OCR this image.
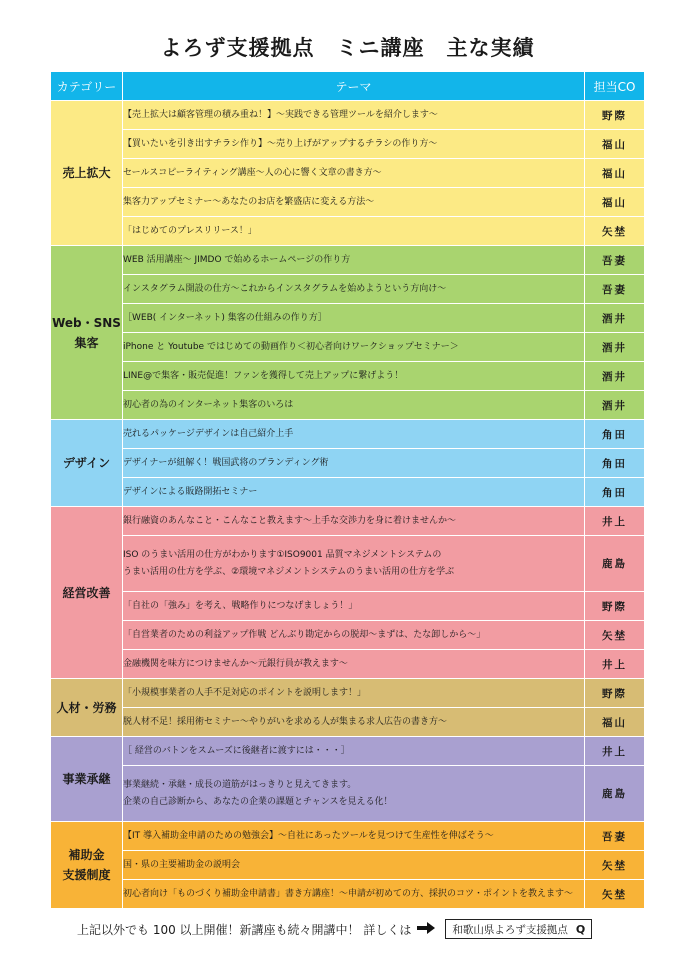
よろず支援拠点　ミニ講座　主な実績
カテゴリー	テーマ	担当CO
売上拡大	【売上拡大は顧客管理の積み重ね！】～実践できる管理ツールを紹介します～	野際
	【買いたいを引き出すチラシ作り】～売り上げがアップするチラシの作り方～	福山
	セールスコピーライティング講座～人の心に響く文章の書き方～	福山
	集客力アップセミナー～あなたのお店を繁盛店に変える方法～	福山
	「はじめてのプレスリリース！」	矢埜
Web・SNS
集客	WEB 活用講座～ JIMDO で始めるホームページの作り方	吾妻
	インスタグラム開設の仕方～これからインスタグラムを始めようという方向け～	吾妻
	［WEB( インターネット) 集客の仕組みの作り方］	酒井
	iPhone と Youtube ではじめての動画作り＜初心者向けワークショップセミナー＞	酒井
	LINE@で集客・販売促進！ファンを獲得して売上アップに繋げよう！	酒井
	初心者の為のインターネット集客のいろは	酒井
デザイン	売れるパッケージデザインは自己紹介上手	角田
	デザイナーが紐解く！戦国武将のブランディング術	角田
	デザインによる販路開拓セミナー	角田
経営改善	銀行融資のあんなこと・こんなこと教えます～上手な交渉力を身に着けませんか～	井上
	ISO のうまい活用の仕方がわかります①ISO9001 品質マネジメントシステムの
うまい活用の仕方を学ぶ、②環境マネジメントシステムのうまい活用の仕方を学ぶ	鹿島
	「自社の「強み」を考え、戦略作りにつなげましょう！」	野際
	「自営業者のための利益アップ作戦 どんぶり勘定からの脱却～まずは、たな卸しから～」	矢埜
	金融機関を味方につけませんか～元銀行員が教えます～	井上
人材・労務	「小規模事業者の人手不足対応のポイントを説明します！」	野際
	脱人材不足！採用術セミナー～やりがいを求める人が集まる求人広告の書き方～	福山
事業承継	［ 経営のバトンをスムーズに後継者に渡すには・・・］	井上
	事業継続・承継・成長の道筋がはっきりと見えてきます。
企業の自己診断から、あなたの企業の課題とチャンスを見える化！	鹿島
補助金
支援制度	【IT 導入補助金申請のための勉強会】～自社にあったツールを見つけて生産性を伸ばそう～	吾妻
	国・県の主要補助金の説明会	矢埜
	初心者向け「ものづくり補助金申請書」書き方講座！～申請が初めての方、採択のコツ・ポイントを教えます～	矢埜
上記以外でも 100 以上開催！新講座も続々開講中！ 詳しくは	和歌山県よろず支援拠点 Q
